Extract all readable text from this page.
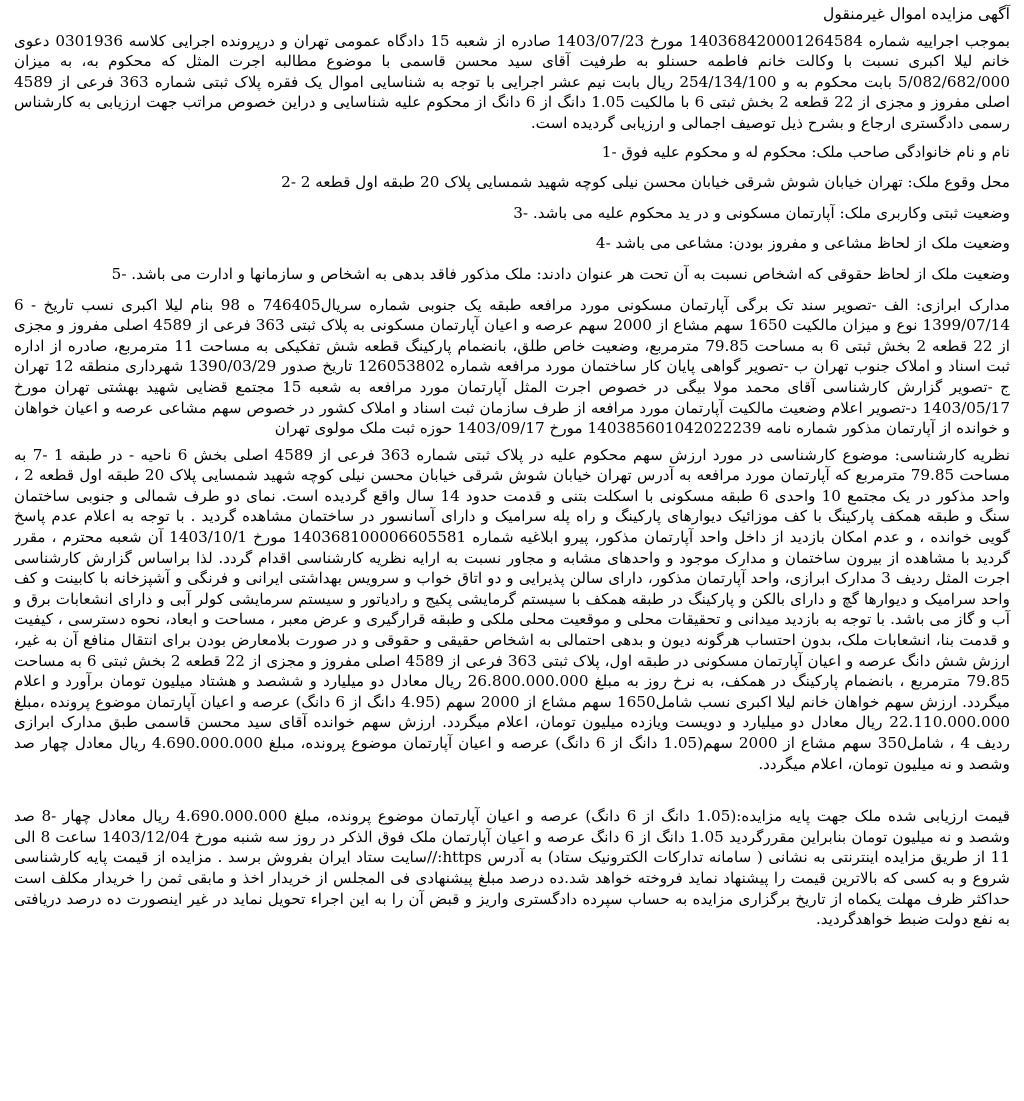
آگهی مزایده اموال غیرمنقول
بموجب اجراییه شماره 140368420001264584 مورخ 1403/07/23 صادره از شعبه 15 دادگاه عمومی تهران و درپرونده اجرایی کلاسه 0301936 دعوی خانم لیلا اکبری نسبت با وکالت خانم فاطمه حسنلو به طرفیت آقای سید محسن قاسمی با موضوع مطالبه اجرت المثل که محکوم به، به میزان 5/082/682/000 بابت محکوم به و 254/134/100 ریال بابت نیم عشر اجرایی با توجه به شناسایی اموال یک فقره پلاک ثبتی شماره 363 فرعی از 4589 اصلی مفروز و مجزی از 22 قطعه 2 بخش ثبتی 6 با مالکیت 1.05 دانگ از 6 دانگ از محکوم علیه شناسایی و دراین خصوص مراتب جهت ارزیابی به کارشناس رسمی دادگستری ارجاع و بشرح ذیل توصیف اجمالی و ارزیابی گردیده است.
نام و نام خانوادگی صاحب ملک: محکوم له و محکوم علیه فوق -1
محل وقوع ملک: تهران خیابان شوش شرقی خیابان محسن نیلی کوچه شهید شمسایی پلاک 20 طبقه اول قطعه 2 -2
وضعیت ثبتی وکاربری ملک: آپارتمان مسکونی و در ید محکوم علیه می باشد. -3
وضعیت ملک از لحاظ مشاعی و مفروز بودن: مشاعی می باشد -4
وضعیت ملک از لحاظ حقوقی که اشخاص نسبت به آن تحت هر عنوان دادند: ملک مذکور فاقد بدهی به اشخاص و سازمانها و ادارت می باشد. -5
مدارک ابرازی: الف -تصویر سند تک برگی آپارتمان مسکونی مورد مرافعه طبقه یک جنوبی شماره سریال746405 ه 98 بنام لیلا اکبری نسب تاریخ - 6 1399/07/14 نوع و میزان مالکیت 1650 سهم مشاع از 2000 سهم عرصه و اعیان آپارتمان مسکونی به پلاک ثبتی 363 فرعی از 4589 اصلی مفروز و مجزی از 22 قطعه 2 بخش ثبتی 6 به مساحت 79.85 مترمربع، وضعیت خاص طلق، بانضمام پارکینگ قطعه شش تفکیکی به مساحت 11 مترمربع، صادره از اداره ثبت اسناد و املاک جنوب تهران ب -تصویر گواهی پایان کار ساختمان مورد مرافعه شماره 126053802 تاریخ صدور 1390/03/29 شهرداری منطقه 12 تهران ج -تصویر گزارش کارشناسی آقای محمد مولا بیگی در خصوص اجرت المثل آپارتمان مورد مرافعه به شعبه 15 مجتمع قضایی شهید بهشتی تهران مورخ 1403/05/17 د-تصویر اعلام وضعیت مالکیت آپارتمان مورد مرافعه از طرف سازمان ثبت اسناد و املاک کشور در خصوص سهم مشاعی عرصه و اعیان خواهان و خوانده از آپارتمان مذکور شماره نامه 140385601042022239 مورخ 1403/09/17 حوزه ثبت ملک مولوی تهران
نظریه کارشناسی: موضوع کارشناسی در مورد ارزش سهم محکوم علیه در پلاک ثبتی شماره 363 فرعی از 4589 اصلی بخش 6 ناحیه - در طبقه 1 -7 به مساحت 79.85 مترمربع که آپارتمان مورد مرافعه به آدرس تهران خیابان شوش شرقی خیابان محسن نیلی کوچه شهید شمسایی پلاک 20 طبقه اول قطعه 2 ، واحد مذکور در یک مجتمع 10 واحدی 6 طبقه مسکونی با اسکلت بتنی و قدمت حدود 14 سال واقع گردیده است. نمای دو طرف شمالی و جنوبی ساختمان سنگ و طبقه همکف پارکینگ با کف موزائیک دیوارهای پارکینگ و راه پله سرامیک و دارای آسانسور در ساختمان مشاهده گردید . با توجه به اعلام عدم پاسخ گویی خوانده ، و عدم امکان بازدید از داخل واحد آپارتمان مذکور، پیرو ابلاغیه شماره 140368100006605581 مورخ 1403/10/1 آن شعبه محترم ، مقرر گردید با مشاهده از بیرون ساختمان و مدارک موجود و واحدهای مشابه و مجاور نسبت به ارایه نظریه کارشناسی اقدام گردد. لذا براساس گزارش کارشناسی اجرت المثل ردیف 3 مدارک ابرازی، واحد آپارتمان مذکور، دارای سالن پذیرایی و دو اتاق خواب و سرویس بهداشتی ایرانی و فرنگی و آشپزخانه با کابینت و کف واحد سرامیک و دیوارها گچ و دارای بالکن و پارکینگ در طبقه همکف با سیستم گرمایشی پکیج و رادیاتور و سیستم سرمایشی کولر آبی و دارای انشعابات برق و آب و گاز می باشد. با توجه به بازدید میدانی و تحقیقات محلی و موقعیت محلی ملکی و طبقه قرارگیری و عرض معبر ، مساحت و ابعاد، نحوه دسترسی ، کیفیت و قدمت بنا، انشعابات ملک، بدون احتساب هرگونه دیون و بدهی احتمالی به اشخاص حقیقی و حقوقی و در صورت بلامعارض بودن برای انتقال منافع آن به غیر، ارزش شش دانگ عرصه و اعیان آپارتمان مسکونی در طبقه اول، پلاک ثبتی 363 فرعی از 4589 اصلی مفروز و مجزی از 22 قطعه 2 بخش ثبتی 6 به مساحت 79.85 مترمربع ، بانضمام پارکینگ در همکف، به نرخ روز به مبلغ 26.800.000.000 ریال معادل دو میلیارد و ششصد و هشتاد میلیون تومان برآورد و اعلام میگردد. ارزش سهم خواهان خانم لیلا اکبری نسب شامل1650 سهم مشاع از 2000 سهم (4.95 دانگ از 6 دانگ) عرصه و اعیان آپارتمان موضوع پرونده ،مبلغ 22.110.000.000 ریال معادل دو میلیارد و دویست ویازده میلیون تومان، اعلام میگردد. ارزش سهم خوانده آقای سید محسن قاسمی طبق مدارک ابرازی ردیف 4 ، شامل350 سهم مشاع از 2000 سهم(1.05 دانگ از 6 دانگ) عرصه و اعیان آپارتمان موضوع پرونده، مبلغ 4.690.000.000 ریال معادل چهار صد وشصد و نه میلیون تومان، اعلام میگردد.
قیمت ارزیابی شده ملک جهت پایه مزایده:(1.05 دانگ از 6 دانگ) عرصه و اعیان آپارتمان موضوع پرونده، مبلغ 4.690.000.000 ریال معادل چهار -8 صد وشصد و نه میلیون تومان بنابراین مقررگردید 1.05 دانگ از 6 دانگ عرصه و اعیان آپارتمان ملک فوق الذکر در روز سه شنبه مورخ 1403/12/04 ساعت 8 الی 11 از طریق مزایده اینترنتی به نشانی ( سامانه تدارکات الکترونیک ستاد) به آدرس https://سایت ستاد ایران بفروش برسد . مزایده از قیمت پایه کارشناسی شروع و به کسی که بالاترین قیمت را پیشنهاد نماید فروخته خواهد شد.ده درصد مبلغ پیشنهادی فی المجلس از خریدار اخذ و مابقی ثمن را خریدار مکلف است حداکثر ظرف مهلت یکماه از تاریخ برگزاری مزایده به حساب سپرده دادگستری واریز و قبض آن را به این اجراء تحویل نماید در غیر اینصورت ده درصد دریافتی به نفع دولت ضبط خواهدگردید.
